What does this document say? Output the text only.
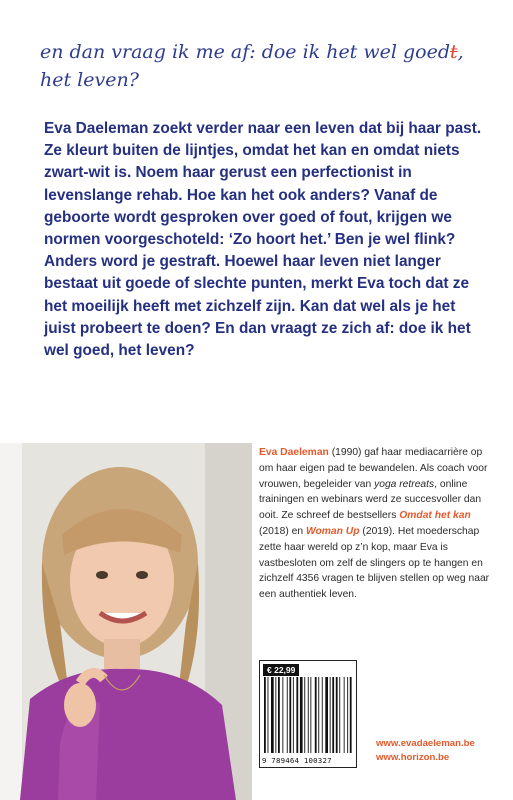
en dan vraag ik me af: doe ik het wel goedt,
het leven?

Eva Daeleman zoekt verder naar een leven dat bij haar past. Ze kleurt buiten de lijntjes, omdat het kan en omdat niets zwart-wit is. Noem haar gerust een perfectionist in levenslange rehab. Hoe kan het ook anders? Vanaf de geboorte wordt gesproken over goed of fout, krijgen we normen voorgeschoteld: ‘Zo hoort het.’ Ben je wel flink? Anders word je gestraft. Hoewel haar leven niet langer bestaat uit goede of slechte punten, merkt Eva toch dat ze het moeilijk heeft met zichzelf zijn. Kan dat wel als je het juist probeert te doen? En dan vraagt ze zich af: doe ik het wel goed, het leven?

Eva Daeleman (1990) gaf haar mediacarrière op om haar eigen pad te bewandelen. Als coach voor vrouwen, begeleider van yoga retreats, online trainingen en webinars werd ze succesvoller dan ooit. Ze schreef de bestsellers Omdat het kan (2018) en Woman Up (2019). Het moederschap zette haar wereld op z’n kop, maar Eva is vastbesloten om zelf de slingers op te hangen en zichzelf 4356 vragen te blijven stellen op weg naar een authentiek leven.

€ 22,99
9 789464 100327
www.evadaeleman.be
www.horizon.be
